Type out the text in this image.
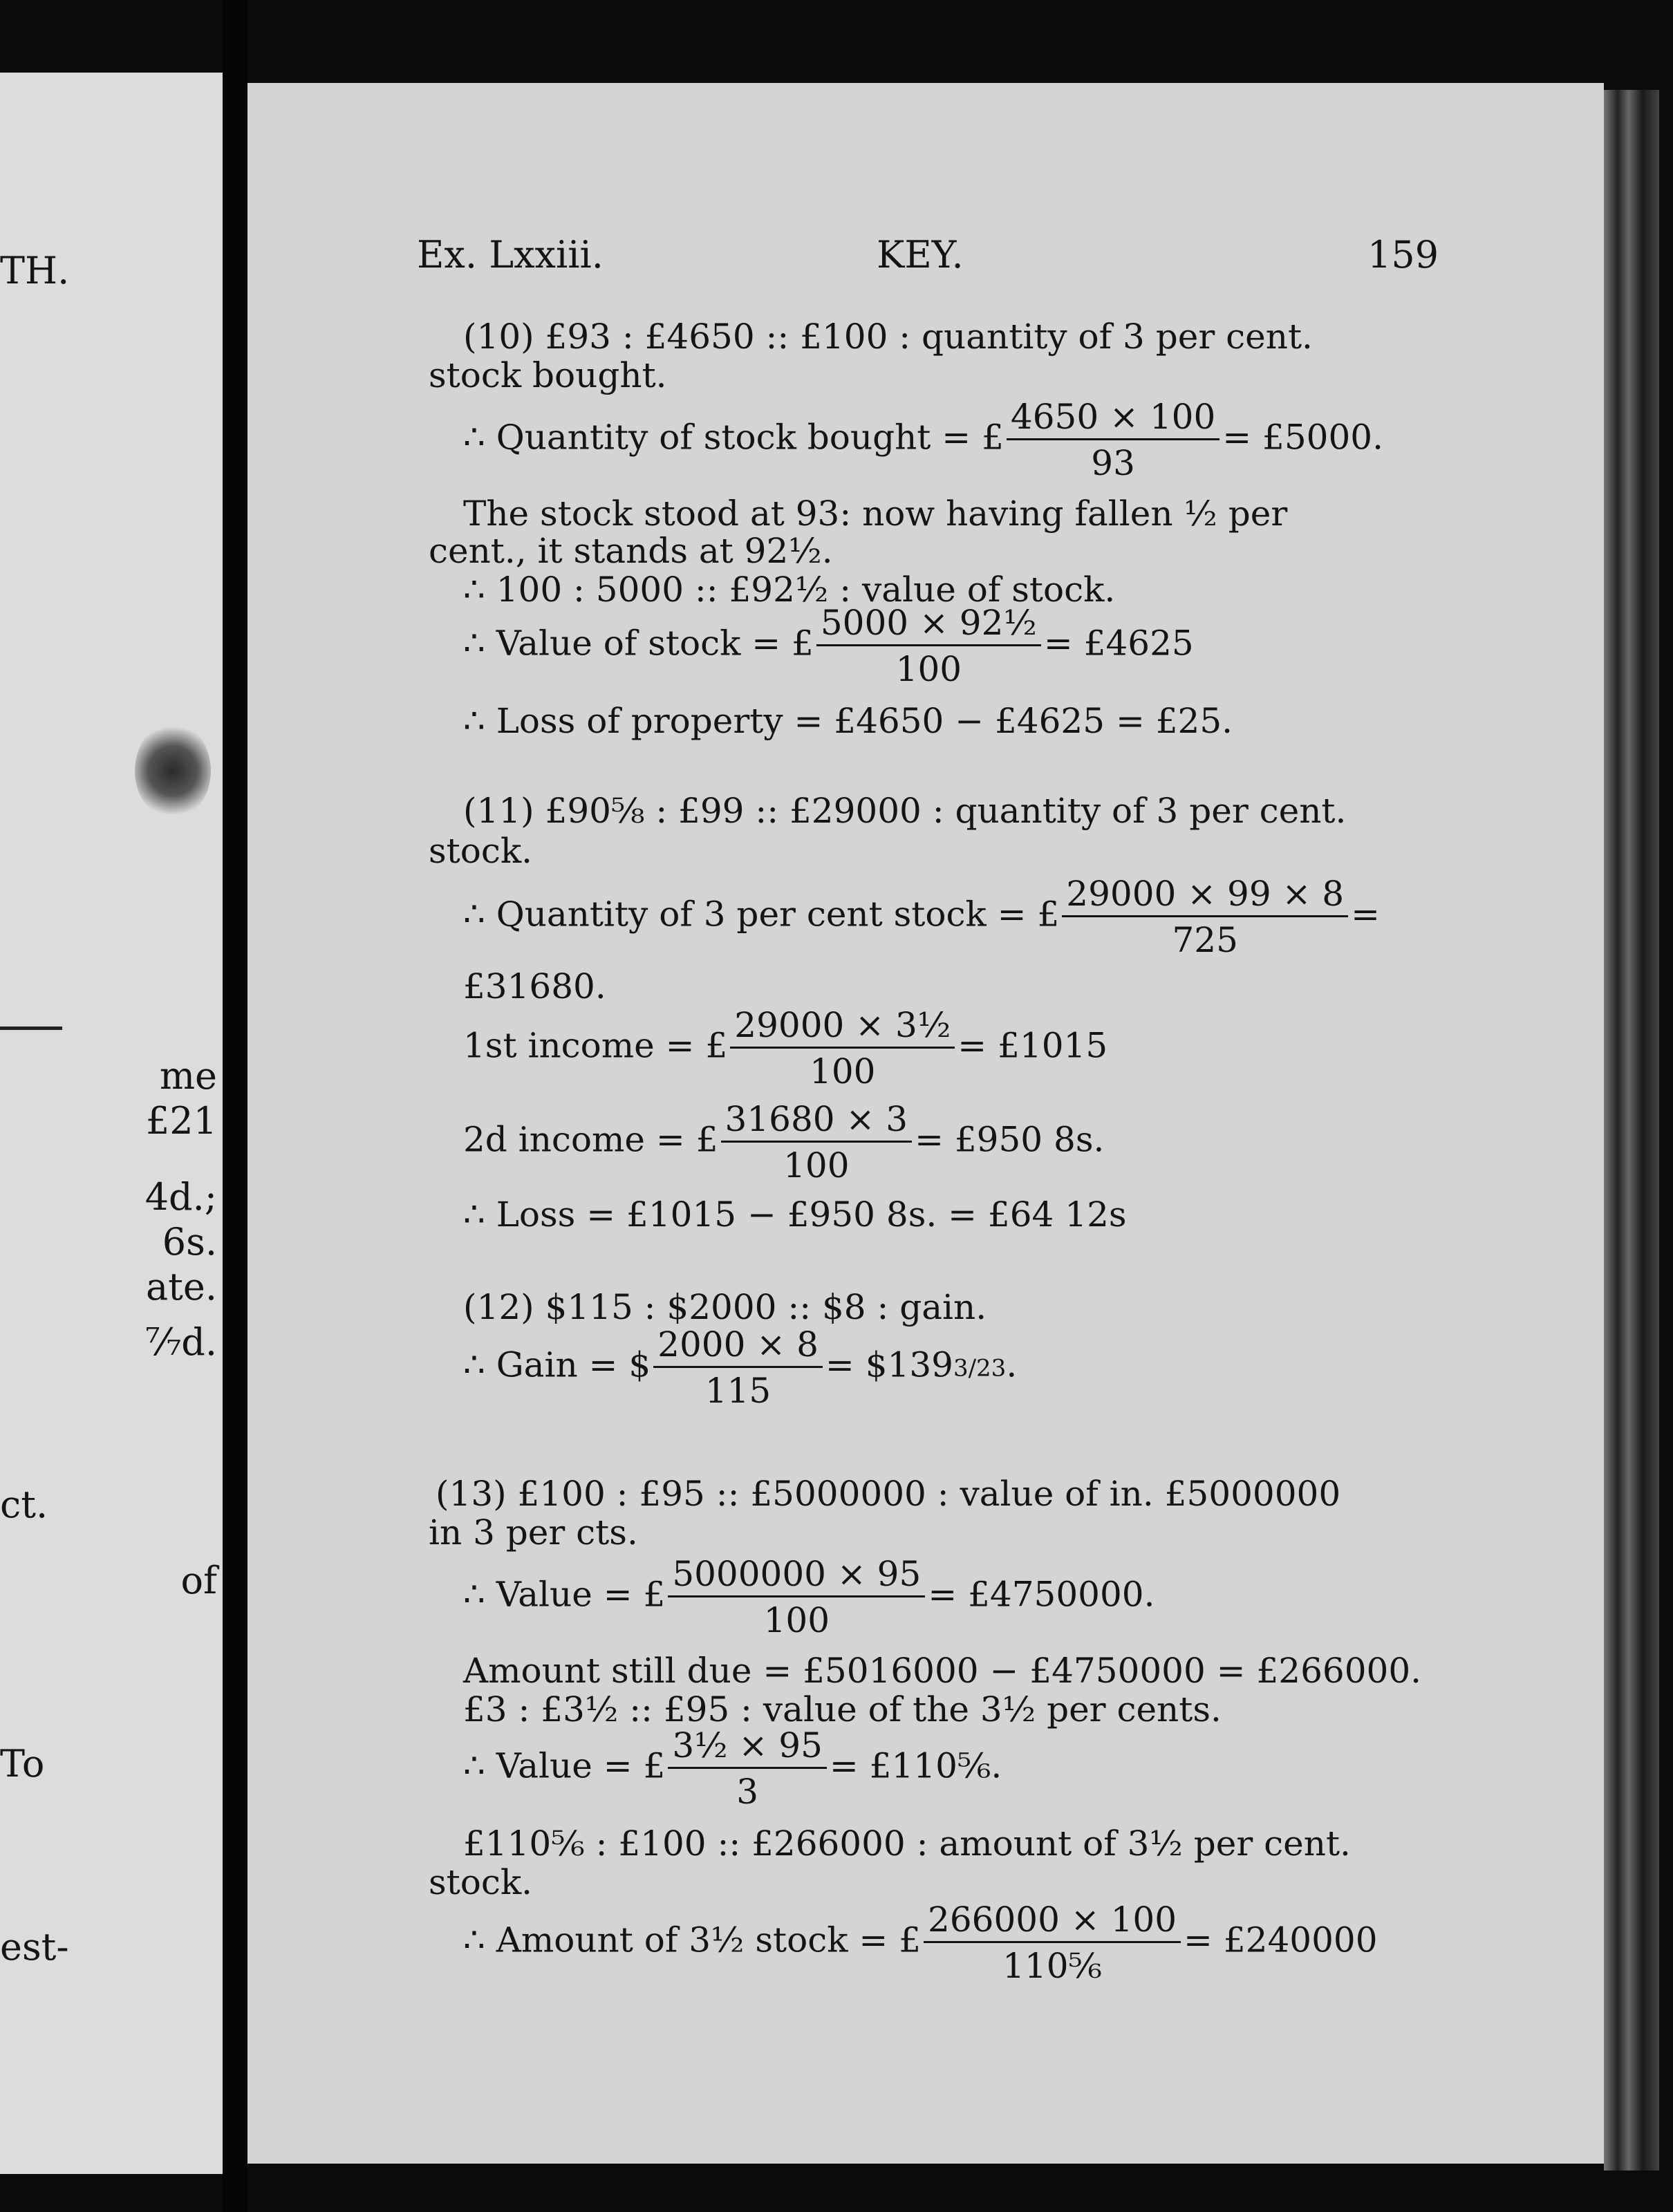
TH.
me
£21
4d.;
6s.
ate.
⁷⁄₇d.
ct.
of
To
est-
Ex. Lxxiii.	KEY.	159
(10) £93 : £4650 :: £100 : quantity of 3 per cent.
stock bought.
∴ Quantity of stock bought = £ $\frac{4650 \times 100}{93}$ = £5000.
The stock stood at 93: now having fallen ½ per
cent., it stands at 92½.
∴ 100 : 5000 :: £92½ : value of stock.
∴ Value of stock = £ $\frac{\text{5000 × 92½}}{100}$ = £4625
∴ Loss of property = £4650 − £4625 = £25.
(11) £90⅝ : £99 :: £29000 : quantity of 3 per cent.
stock.
∴ Quantity of 3 per cent stock = £ $\frac{29000 \times 99 \times 8}{725}$ =
£31680.
1st income = £ $\frac{\text{29000 × 3½}}{100}$ = £1015
2d income = £ $\frac{31680 \times 3}{100}$ = £950 8s.
∴ Loss = £1015 − £950 8s. = £64 12s
(12) $115 : $2000 :: $8 : gain.
∴ Gain = $ $\frac{2000 \times 8}{115}$ = $1393/23.
(13) £100 : £95 :: £5000000 : value of in. £5000000
in 3 per cts.
∴ Value = £ $\frac{5000000 \times 95}{100}$ = £4750000.
Amount still due = £5016000 − £4750000 = £266000.
£3 : £3½ :: £95 : value of the 3½ per cents.
∴ Value = £ $\frac{\text{3½ × 95}}{3}$ = £110⅚.
£110⅚ : £100 :: £266000 : amount of 3½ per cent.
stock.
∴ Amount of 3½ stock = £ $\frac{266000 \times 100}{\text{110⅚}}$ = £240000
